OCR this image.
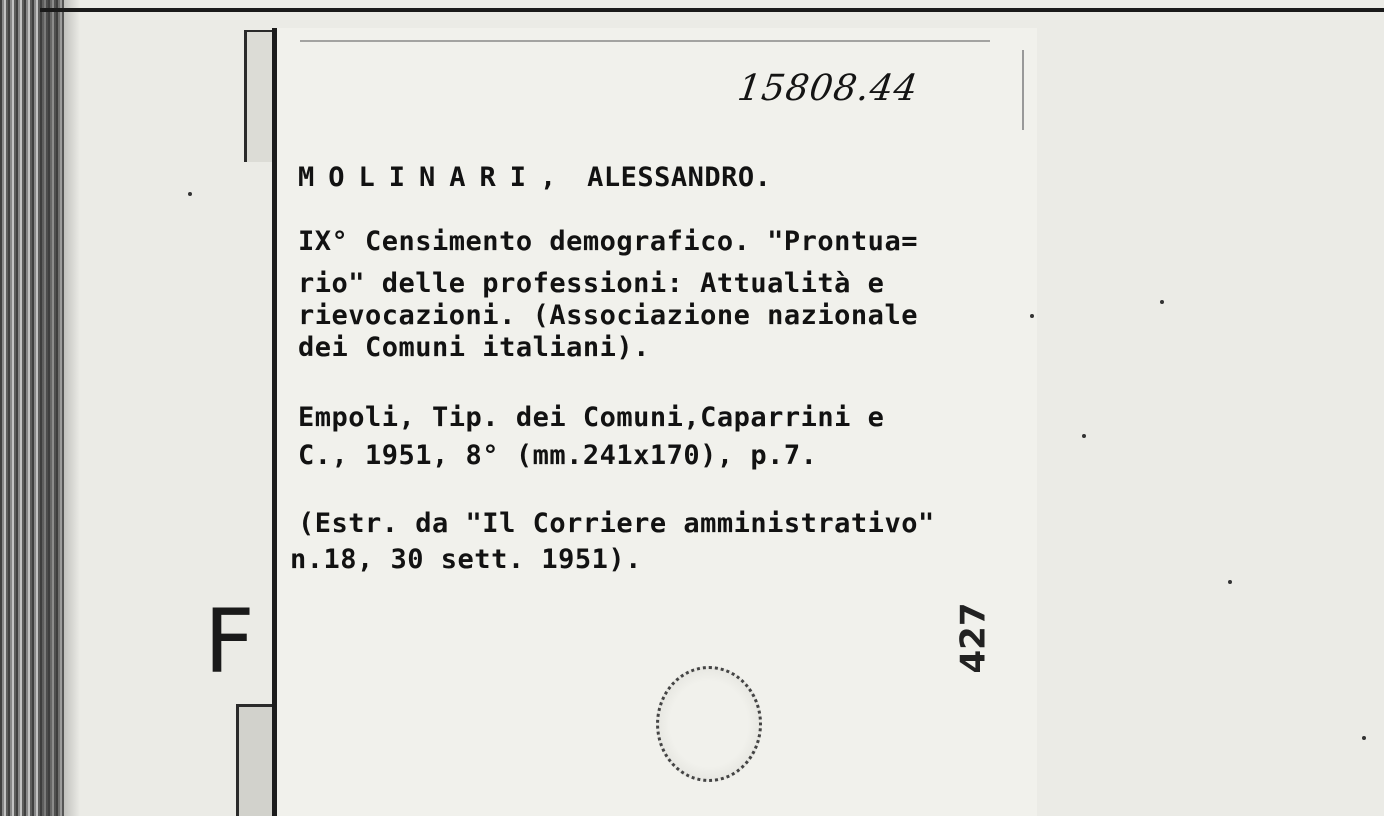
15808.44
MOLINARI, ALESSANDRO.
IX° Censimento demografico. "Prontua=
rio" delle professioni: Attualità e
rievocazioni. (Associazione nazionale
dei Comuni italiani).
Empoli, Tip. dei Comuni,Caparrini e
C., 1951, 8° (mm.241x170), p.7.
(Estr. da "Il Corriere amministrativo"
n.18, 30 sett. 1951).
F	427
